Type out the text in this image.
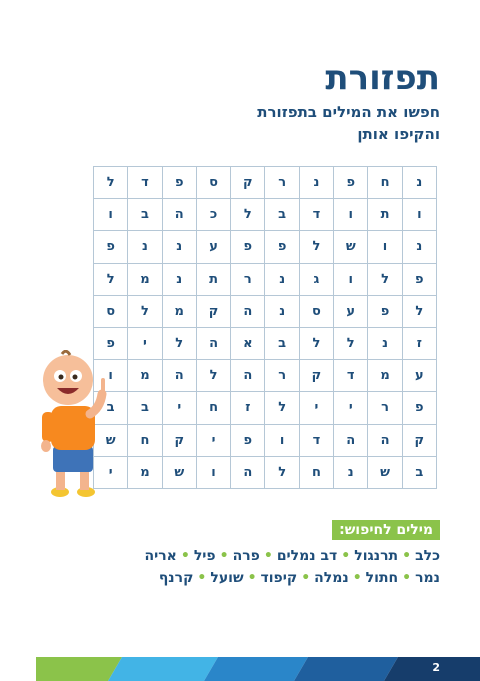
תפזורת
חפשו את המילים בתפזורת
והקיפו אותן
ל	ד	פ	ס	ק	ר	נ	פ	ח	נ
ו	ב	ה	כ	ל	ב	ד	ו	ת	ו
פ	נ	נ	ע	פ	פ	ל	ש	ו	נ
ל	מ	נ	ת	ר	נ	ג	ו	ל	פ
ס	ל	מ	ק	ה	נ	ס	ע	פ	ל
פ	י	ל	ה	א	ב	ל	ל	נ	ז
ו	מ	ה	ל	ה	ר	ק	ד	מ	ע
ב	ב	י	ח	ז	ל	י	י	ר	פ
ש	ח	ק	י	פ	ו	ד	ה	ה	ק
י	מ	ש	ו	ה	ל	ח	נ	ש	ב
מילים לחיפוש:
כלב•תרנגול•דב נמלים•פרה•פיל•אריה
נמר•חתול•נמלה•קיפוד•שועל•קרנף
2
